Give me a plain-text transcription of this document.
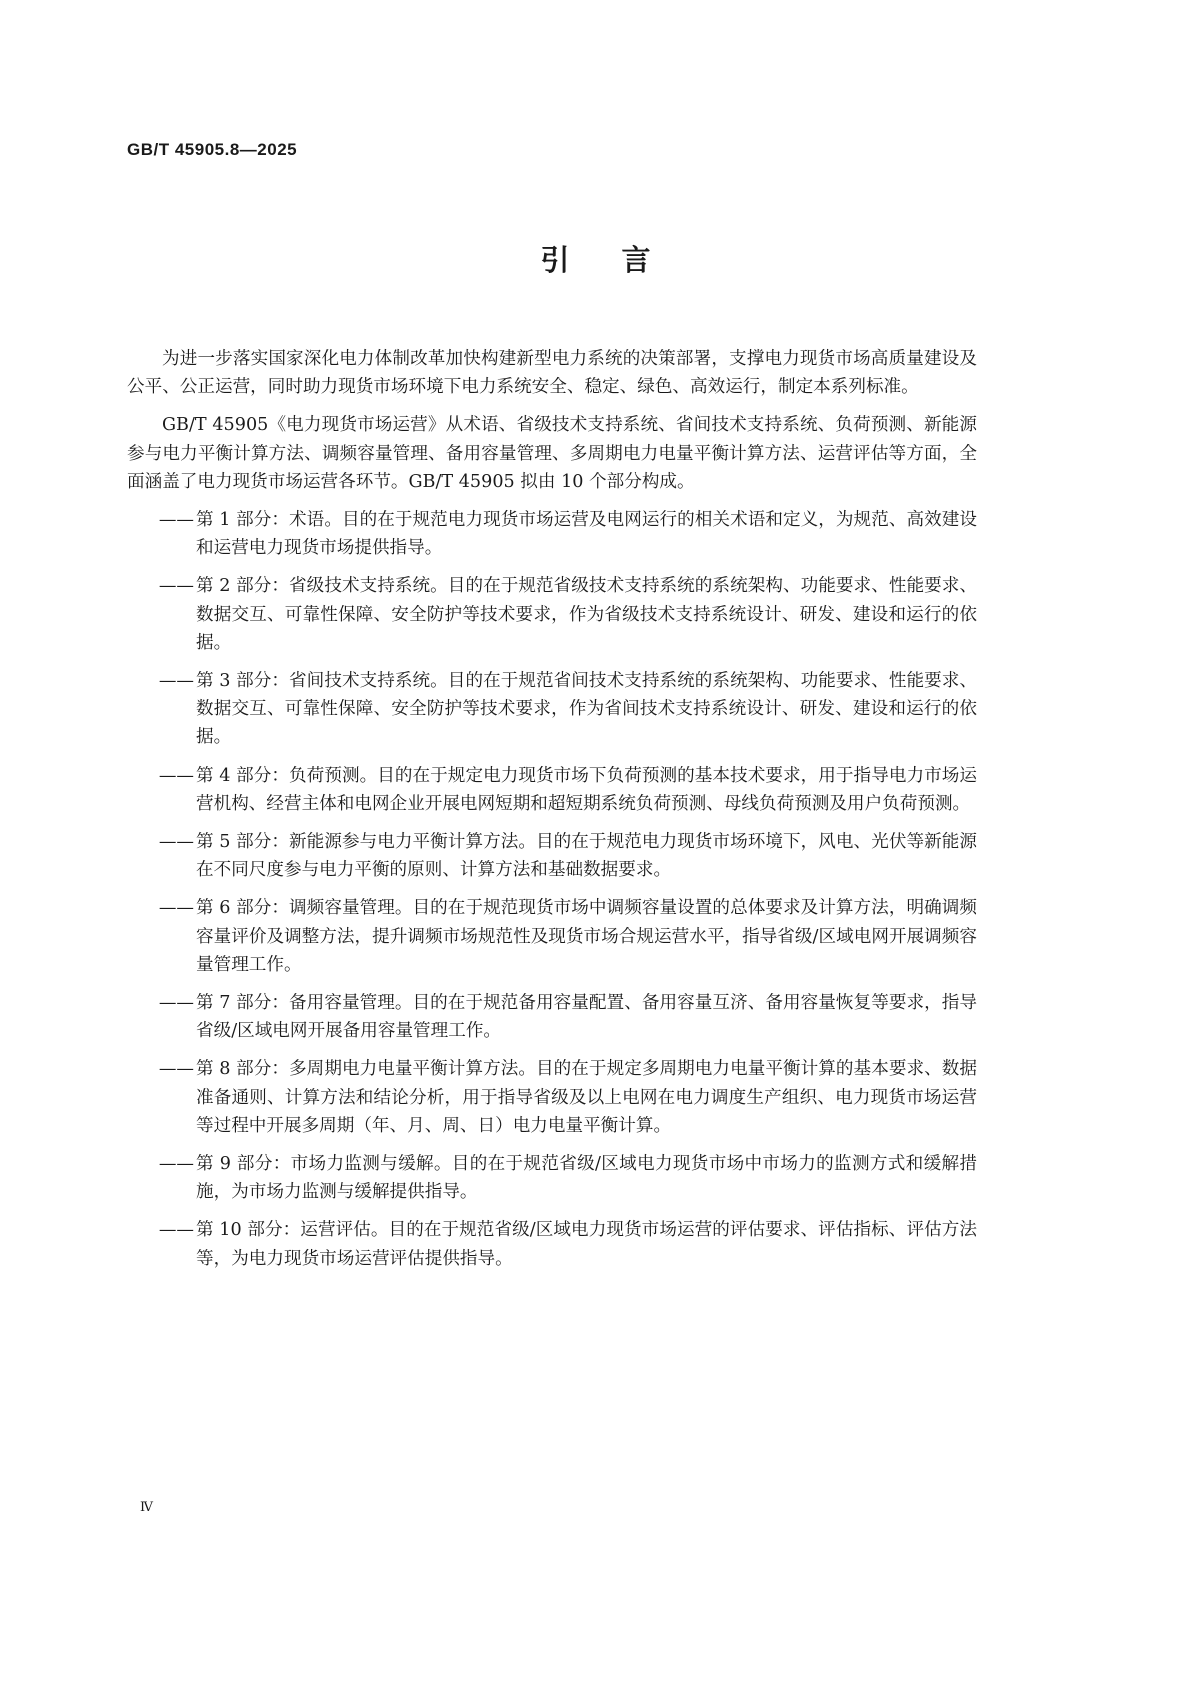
GB/T 45905.8—2025
引言

为进一步落实国家深化电力体制改革加快构建新型电力系统的决策部署，支撑电力现货市场高质量建设及公平、公正运营，同时助力现货市场环境下电力系统安全、稳定、绿色、高效运行，制定本系列标准。

GB/T 45905《电力现货市场运营》从术语、省级技术支持系统、省间技术支持系统、负荷预测、新能源参与电力平衡计算方法、调频容量管理、备用容量管理、多周期电力电量平衡计算方法、运营评估等方面，全面涵盖了电力现货市场运营各环节。GB/T 45905 拟由 10 个部分构成。

—— 第 1 部分：术语。目的在于规范电力现货市场运营及电网运行的相关术语和定义，为规范、高效建设和运营电力现货市场提供指导。
—— 第 2 部分：省级技术支持系统。目的在于规范省级技术支持系统的系统架构、功能要求、性能要求、数据交互、可靠性保障、安全防护等技术要求，作为省级技术支持系统设计、研发、建设和运行的依据。
—— 第 3 部分：省间技术支持系统。目的在于规范省间技术支持系统的系统架构、功能要求、性能要求、数据交互、可靠性保障、安全防护等技术要求，作为省间技术支持系统设计、研发、建设和运行的依据。
—— 第 4 部分：负荷预测。目的在于规定电力现货市场下负荷预测的基本技术要求，用于指导电力市场运营机构、经营主体和电网企业开展电网短期和超短期系统负荷预测、母线负荷预测及用户负荷预测。
—— 第 5 部分：新能源参与电力平衡计算方法。目的在于规范电力现货市场环境下，风电、光伏等新能源在不同尺度参与电力平衡的原则、计算方法和基础数据要求。
—— 第 6 部分：调频容量管理。目的在于规范现货市场中调频容量设置的总体要求及计算方法，明确调频容量评价及调整方法，提升调频市场规范性及现货市场合规运营水平，指导省级/区域电网开展调频容量管理工作。
—— 第 7 部分：备用容量管理。目的在于规范备用容量配置、备用容量互济、备用容量恢复等要求，指导省级/区域电网开展备用容量管理工作。
—— 第 8 部分：多周期电力电量平衡计算方法。目的在于规定多周期电力电量平衡计算的基本要求、数据准备通则、计算方法和结论分析，用于指导省级及以上电网在电力调度生产组织、电力现货市场运营等过程中开展多周期（年、月、周、日）电力电量平衡计算。
—— 第 9 部分：市场力监测与缓解。目的在于规范省级/区域电力现货市场中市场力的监测方式和缓解措施，为市场力监测与缓解提供指导。
—— 第 10 部分：运营评估。目的在于规范省级/区域电力现货市场运营的评估要求、评估指标、评估方法等，为电力现货市场运营评估提供指导。
Ⅳ
